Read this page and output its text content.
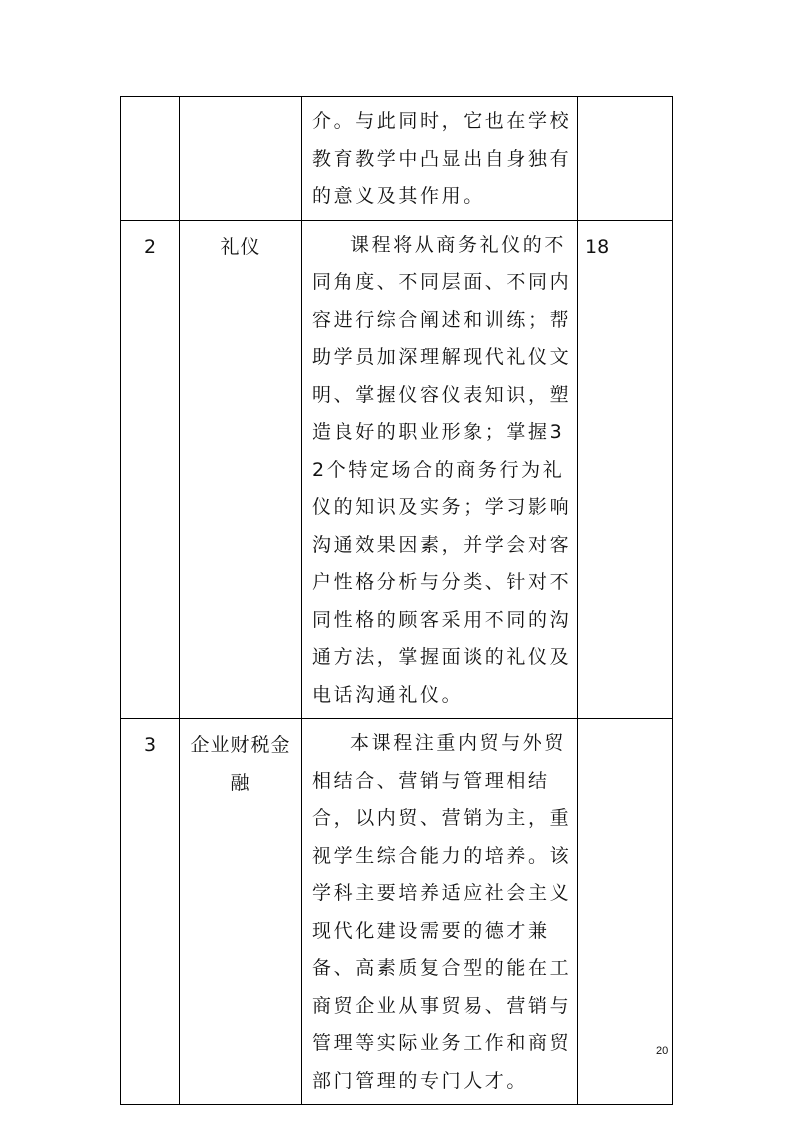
		介。与此同时，它也在学校教育教学中凸显出自身独有的意义及其作用。	

2	礼仪	课程将从商务礼仪的不同角度、不同层面、不同内容进行综合阐述和训练；帮助学员加深理解现代礼仪文明、掌握仪容仪表知识，塑造良好的职业形象；掌握32个特定场合的商务行为礼仪的知识及实务；学习影响沟通效果因素，并学会对客户性格分析与分类、针对不同性格的顾客采用不同的沟通方法，掌握面谈的礼仪及电话沟通礼仪。	18
3	企业财税金融	本课程注重内贸与外贸相结合、营销与管理相结合，以内贸、营销为主，重视学生综合能力的培养。该学科主要培养适应社会主义现代化建设需要的德才兼备、高素质复合型的能在工商贸企业从事贸易、营销与管理等实际业务工作和商贸部门管理的专门人才。	

20
